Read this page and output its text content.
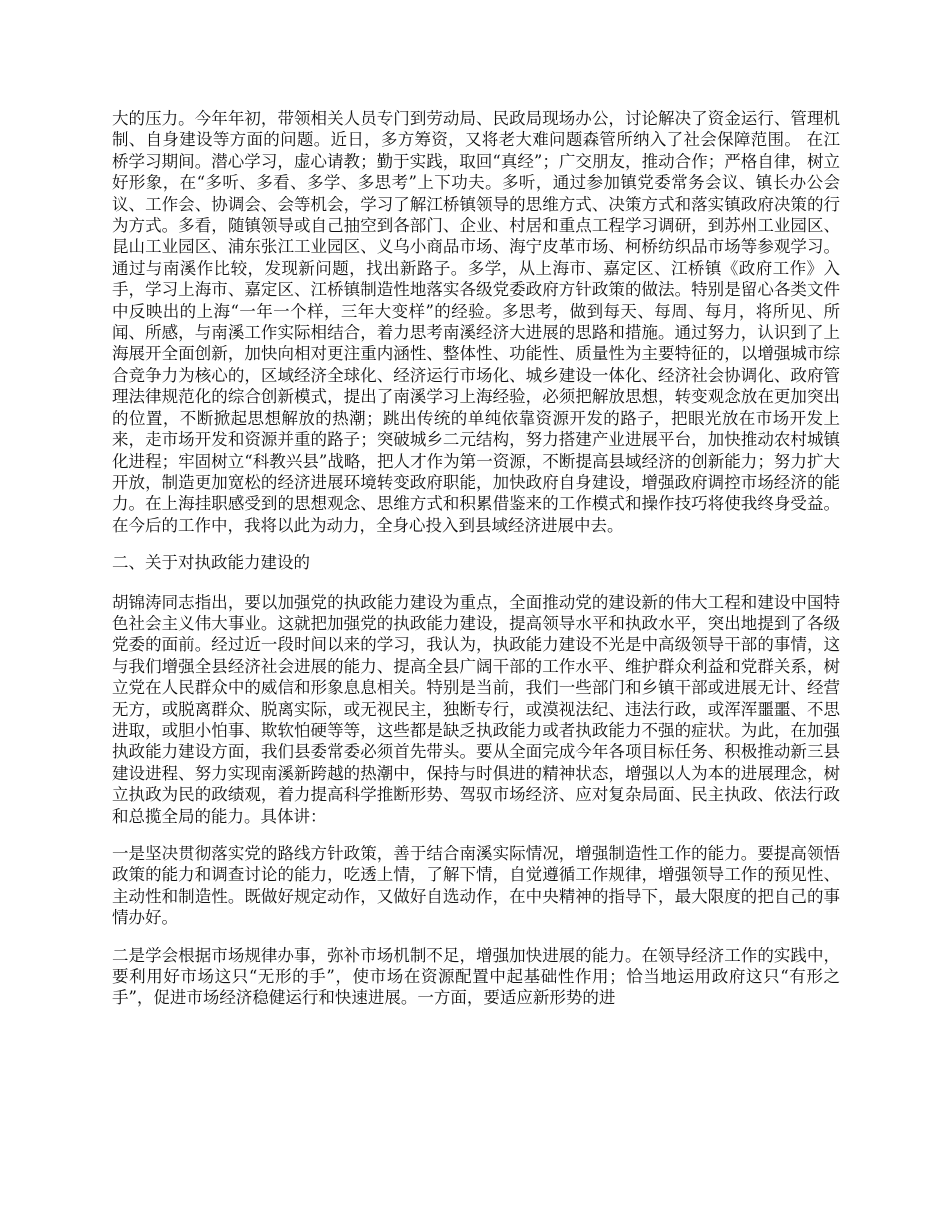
大的压力。今年年初，带领相关人员专门到劳动局、民政局现场办公，讨论解决了资金运行、管理机制、自身建设等方面的问题。近日，多方筹资，又将老大难问题森管所纳入了社会保障范围。 在江桥学习期间。潜心学习，虚心请教；勤于实践，取回“真经”；广交朋友，推动合作；严格自律，树立好形象，在“多听、多看、多学、多思考”上下功夫。多听，通过参加镇党委常务会议、镇长办公会议、工作会、协调会、会等机会，学习了解江桥镇领导的思维方式、决策方式和落实镇政府决策的行为方式。多看，随镇领导或自己抽空到各部门、企业、村居和重点工程学习调研，到苏州工业园区、昆山工业园区、浦东张江工业园区、义乌小商品市场、海宁皮革市场、柯桥纺织品市场等参观学习。通过与南溪作比较，发现新问题，找出新路子。多学，从上海市、嘉定区、江桥镇《政府工作》入手，学习上海市、嘉定区、江桥镇制造性地落实各级党委政府方针政策的做法。特别是留心各类文件中反映出的上海“一年一个样，三年大变样”的经验。多思考，做到每天、每周、每月，将所见、所闻、所感，与南溪工作实际相结合，着力思考南溪经济大进展的思路和措施。通过努力，认识到了上海展开全面创新，加快向相对更注重内涵性、整体性、功能性、质量性为主要特征的，以增强城市综合竞争力为核心的，区域经济全球化、经济运行市场化、城乡建设一体化、经济社会协调化、政府管理法律规范化的综合创新模式，提出了南溪学习上海经验，必须把解放思想，转变观念放在更加突出的位置，不断掀起思想解放的热潮；跳出传统的单纯依靠资源开发的路子，把眼光放在市场开发上来，走市场开发和资源并重的路子；突破城乡二元结构，努力搭建产业进展平台，加快推动农村城镇化进程；牢固树立“科教兴县”战略，把人才作为第一资源，不断提高县域经济的创新能力；努力扩大开放，制造更加宽松的经济进展环境转变政府职能，加快政府自身建设，增强政府调控市场经济的能力。在上海挂职感受到的思想观念、思维方式和积累借鉴来的工作模式和操作技巧将使我终身受益。在今后的工作中，我将以此为动力，全身心投入到县域经济进展中去。

二、关于对执政能力建设的

胡锦涛同志指出，要以加强党的执政能力建设为重点，全面推动党的建设新的伟大工程和建设中国特色社会主义伟大事业。这就把加强党的执政能力建设，提高领导水平和执政水平，突出地提到了各级党委的面前。经过近一段时间以来的学习，我认为，执政能力建设不光是中高级领导干部的事情，这与我们增强全县经济社会进展的能力、提高全县广阔干部的工作水平、维护群众利益和党群关系，树立党在人民群众中的威信和形象息息相关。特别是当前，我们一些部门和乡镇干部或进展无计、经营无方，或脱离群众、脱离实际，或无视民主，独断专行，或漠视法纪、违法行政，或浑浑噩噩、不思进取，或胆小怕事、欺软怕硬等等，这些都是缺乏执政能力或者执政能力不强的症状。为此，在加强执政能力建设方面，我们县委常委必须首先带头。要从全面完成今年各项目标任务、积极推动新三县建设进程、努力实现南溪新跨越的热潮中，保持与时俱进的精神状态，增强以人为本的进展理念，树立执政为民的政绩观，着力提高科学推断形势、驾驭市场经济、应对复杂局面、民主执政、依法行政和总揽全局的能力。具体讲：

一是坚决贯彻落实党的路线方针政策，善于结合南溪实际情况，增强制造性工作的能力。要提高领悟政策的能力和调查讨论的能力，吃透上情，了解下情，自觉遵循工作规律，增强领导工作的预见性、主动性和制造性。既做好规定动作，又做好自选动作，在中央精神的指导下，最大限度的把自己的事情办好。

二是学会根据市场规律办事，弥补市场机制不足，增强加快进展的能力。在领导经济工作的实践中，要利用好市场这只“无形的手”，使市场在资源配置中起基础性作用；恰当地运用政府这只“有形之手”，促进市场经济稳健运行和快速进展。一方面，要适应新形势的进
